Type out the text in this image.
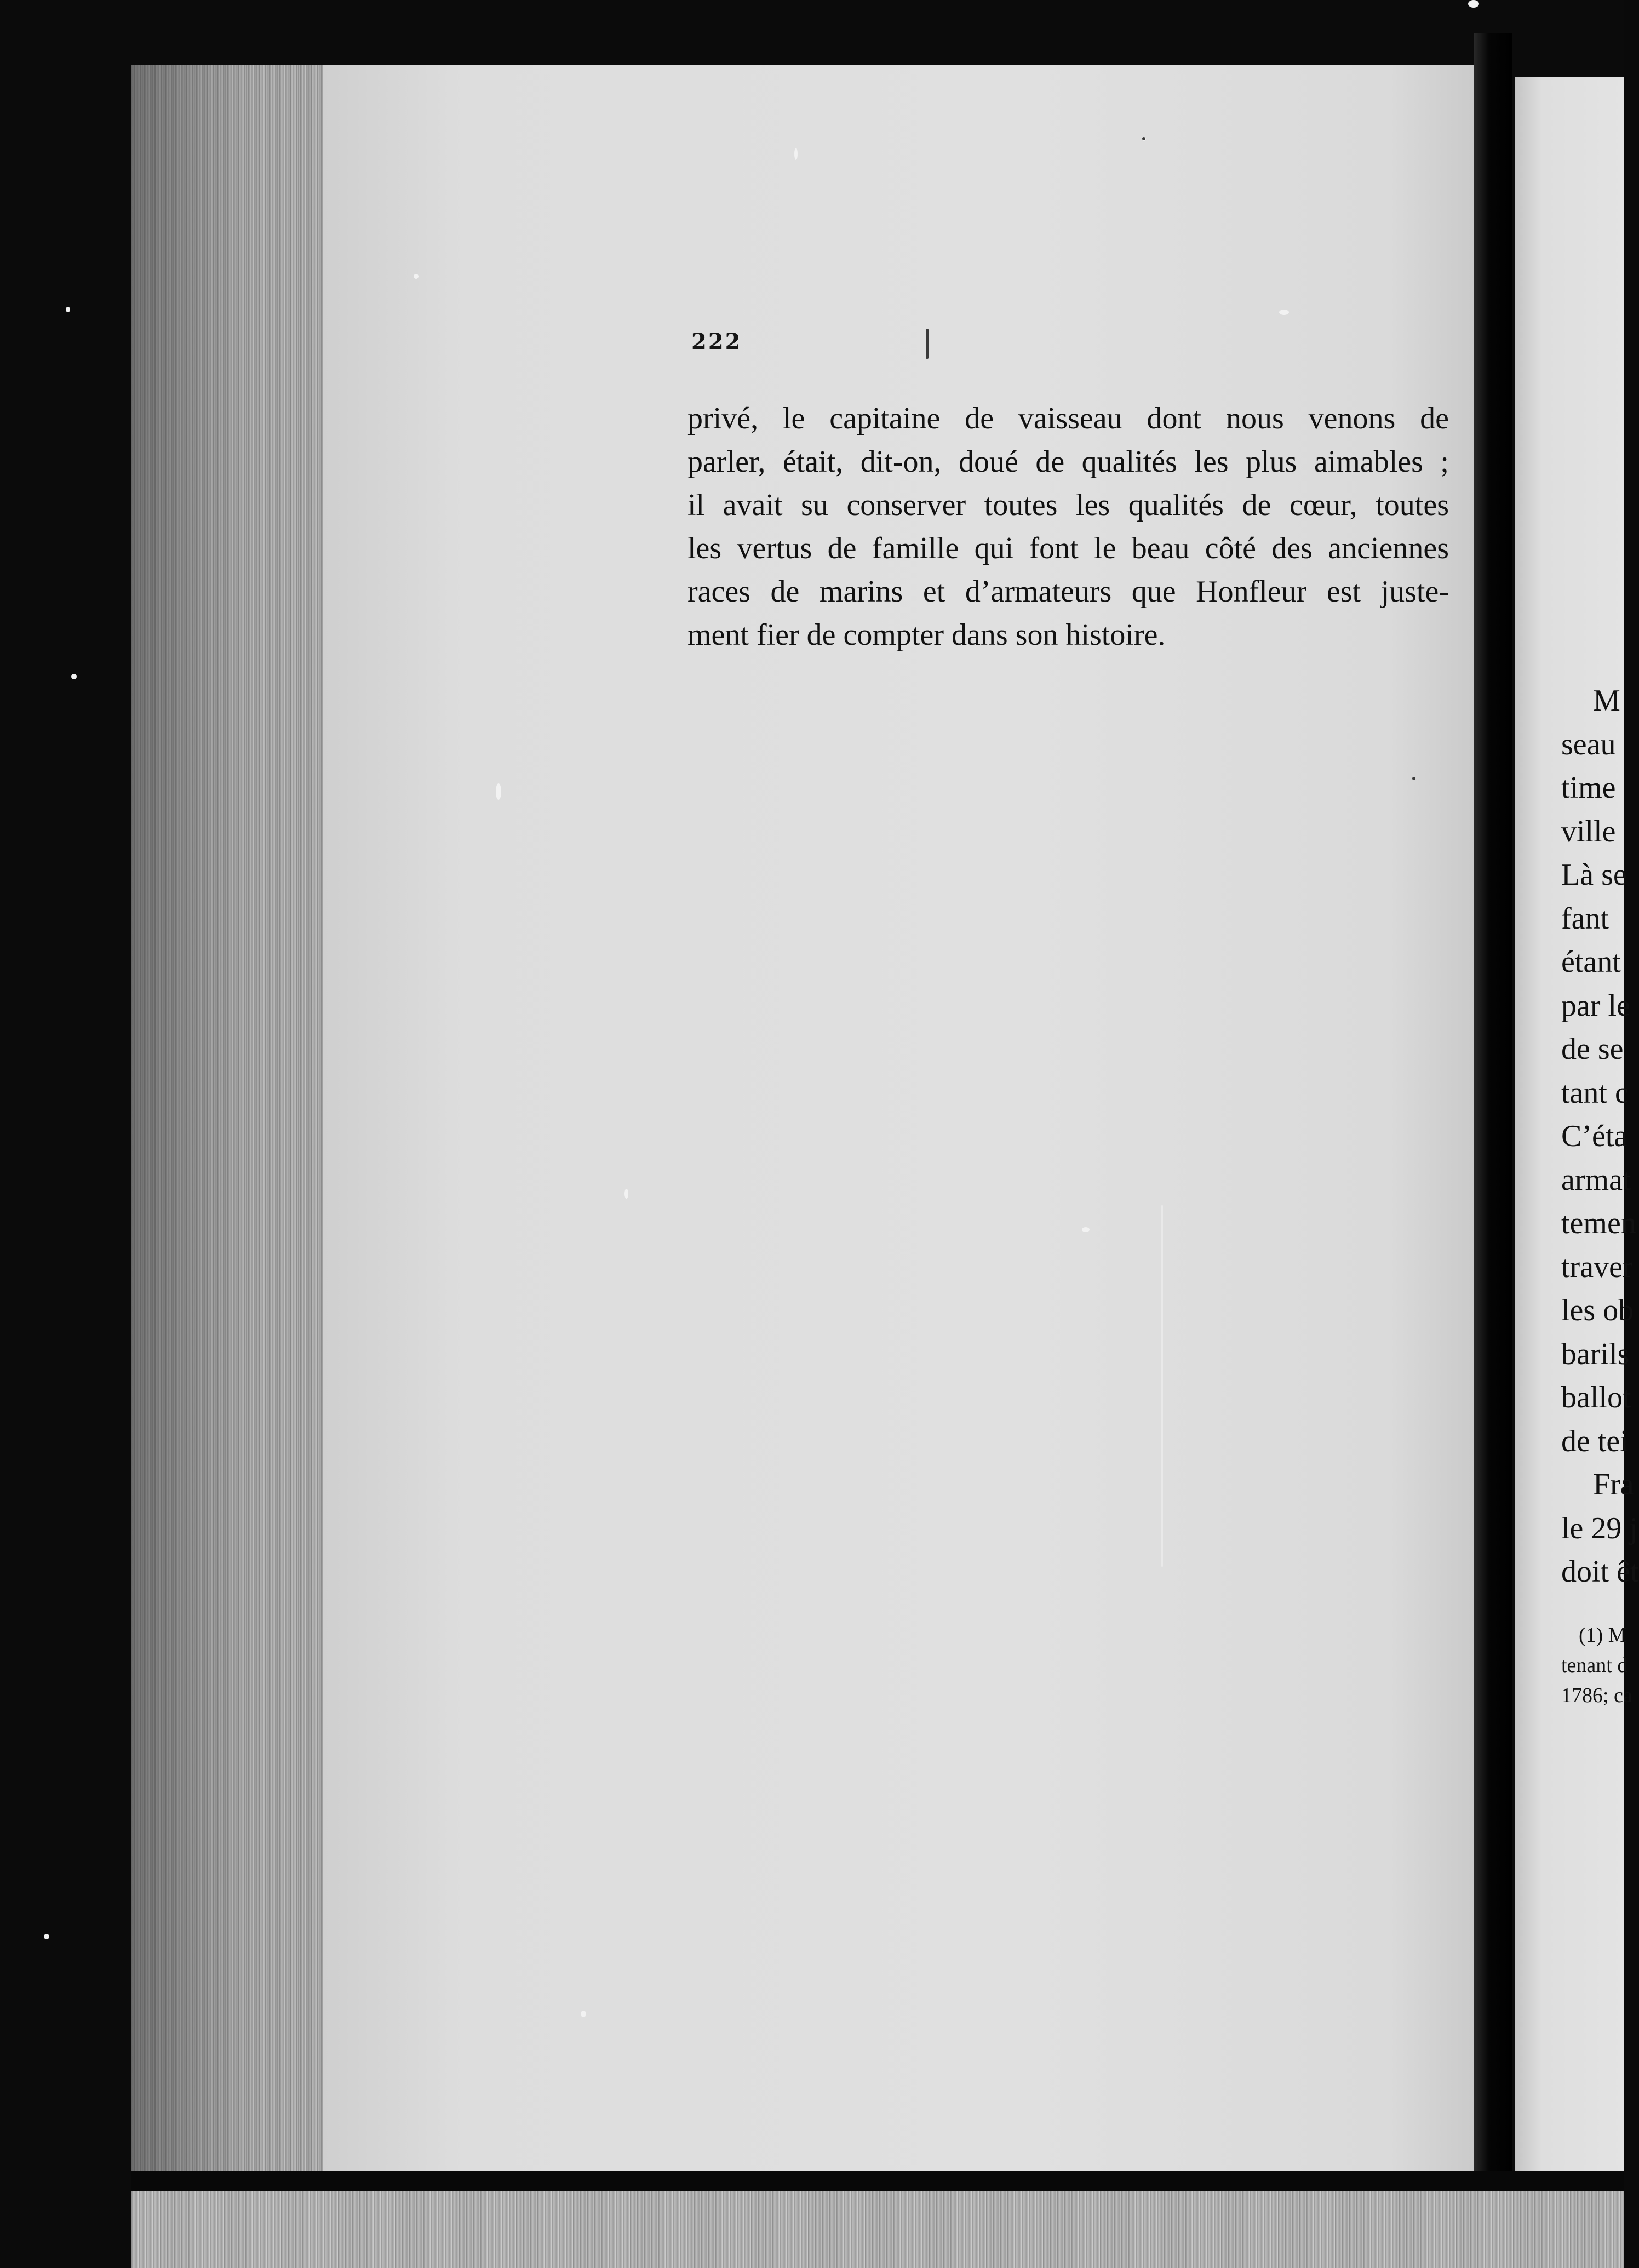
222
privé, le capitaine de vaisseau dont nous venons de
parler, était, dit-on, doué de qualités les plus aimables ;
il avait su conserver toutes les qualités de cœur, toutes
les vertus de famille qui font le beau côté des anciennes
races de marins et d’armateurs que Honfleur est juste-
ment fier de compter dans son histoire.
M
seau
time
ville
Là se
fant
étant
par le
de se
tant c
C’éta
armat
temen
traver
les ob
barils
ballot
de tei
Fra
le 29 j
doit êt
(1) M
tenant d
1786; ca
